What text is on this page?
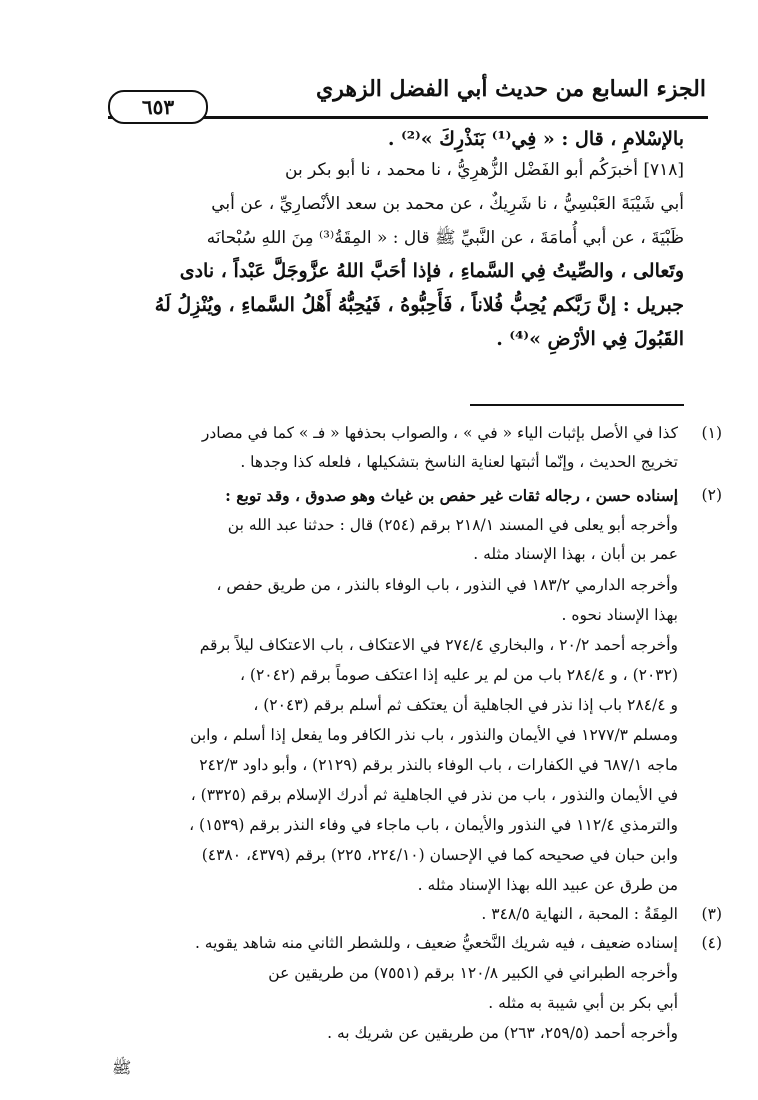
الجزء السابع من حديث أبي الفضل الزهري
٦٥٣
بالإسْلامِ ، قال : « فِي⁽¹⁾ بَنَذْرِكَ »⁽²⁾ .
[٧١٨] أخبرَكُم أبو الفَضْل الزُّهرِيُّ ، نا محمد ، نا أبو بكر بن
أبي شَيْبَةَ العَبْسِيُّ ، نا شَرِيكٌ ، عن محمد بن سعد الأنْصارِيِّ ، عن أبي
ظَبْيَةَ ، عن أبي أُمامَةَ ، عن النَّبيِّ ﷺ قال : « المِقَةُ⁽³⁾ مِنَ اللهِ سُبْحانَه
وتَعالى ، والصِّيتُ فِي السَّماءِ ، فإذا أحَبَّ اللهُ عزَّوجَلَّ عَبْداً ، نادى
جبريل : إنَّ رَبَّكم يُحِبُّ فُلاناً ، فَأَحِبُّوهُ ، فَيُحِبُّهُ أَهْلُ السَّماءِ ، ويُنْزِلُ لَهُ
القَبُولَ فِي الأرْضِ »⁽⁴⁾ .
(١)
كذا في الأصل بإثبات الياء « في » ، والصواب بحذفها « فـ » كما في مصادر
تخريج الحديث ، وإنّما أثبتها لعناية الناسخ بتشكيلها ، فلعله كذا وجدها .
(٢)
إسناده حسن ، رجاله ثقات غير حفص بن غياث وهو صدوق ، وقد توبع :
وأخرجه أبو يعلى في المسند ٢١٨/١ برقم (٢٥٤) قال : حدثنا عبد الله بن
عمر بن أبان ، بهذا الإسناد مثله .
وأخرجه الدارمي ١٨٣/٢ في النذور ، باب الوفاء بالنذر ، من طريق حفص ،
بهذا الإسناد نحوه .
وأخرجه أحمد ٢٠/٢ ، والبخاري ٢٧٤/٤ في الاعتكاف ، باب الاعتكاف ليلاً برقم
(٢٠٣٢) ، و ٢٨٤/٤ باب من لم ير عليه إذا اعتكف صوماً برقم (٢٠٤٢) ،
و ٢٨٤/٤ باب إذا نذر في الجاهلية أن يعتكف ثم أسلم برقم (٢٠٤٣) ،
ومسلم ١٢٧٧/٣ في الأيمان والنذور ، باب نذر الكافر وما يفعل إذا أسلم ، وابن
ماجه ٦٨٧/١ في الكفارات ، باب الوفاء بالنذر برقم (٢١٢٩) ، وأبو داود ٢٤٢/٣
في الأيمان والنذور ، باب من نذر في الجاهلية ثم أدرك الإسلام برقم (٣٣٢٥) ،
والترمذي ١١٢/٤ في النذور والأيمان ، باب ماجاء في وفاء النذر برقم (١٥٣٩) ،
وابن حبان في صحيحه كما في الإحسان (٢٢٤/١٠، ٢٢٥) برقم (٤٣٧٩، ٤٣٨٠)
من طرق عن عبيد الله بهذا الإسناد مثله .
(٣)
المِقَةُ : المحبة ، النهاية ٣٤٨/٥ .
(٤)
إسناده ضعيف ، فيه شريك النَّخعيُّ ضعيف ، وللشطر الثاني منه شاهد يقويه .
وأخرجه الطبراني في الكبير ١٢٠/٨ برقم (٧٥٥١) من طريقين عن
أبي بكر بن أبي شيبة به مثله .
وأخرجه أحمد (٢٥٩/٥، ٢٦٣) من طريقين عن شريك به .
ﷺ
